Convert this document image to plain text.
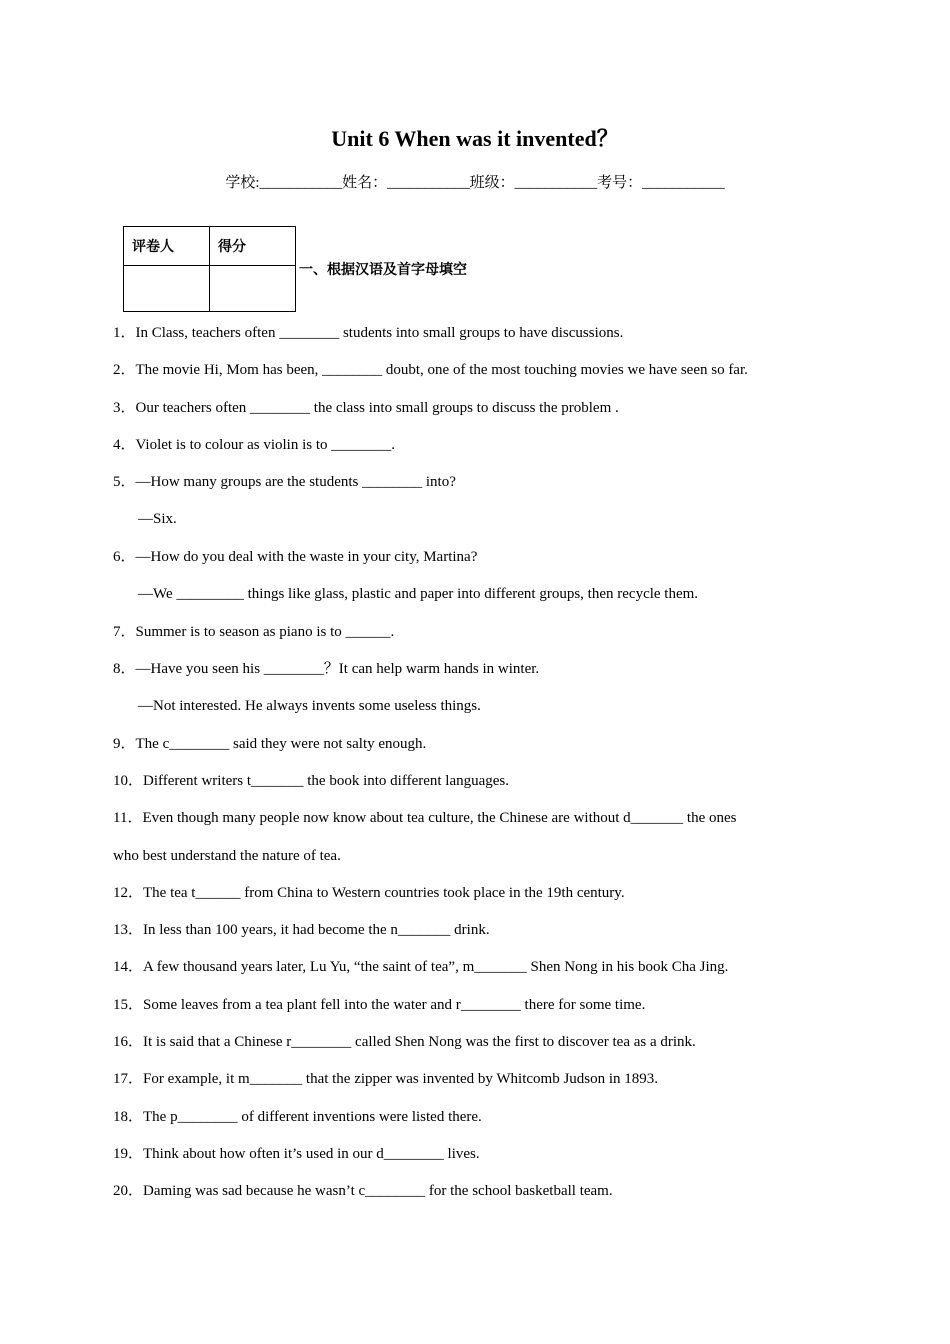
Unit 6 When was it invented？
学校:___________姓名：___________班级：___________考号：___________
评卷人	得分

一、根据汉语及首字母填空
1．In Class, teachers often ________ students into small groups to have discussions.
2．The movie Hi, Mom has been, ________ doubt, one of the most touching movies we have seen so far.
3．Our teachers often ________ the class into small groups to discuss the problem .
4．Violet is to colour as violin is to ________.
5．—How many groups are the students ________ into?
—Six.
6．—How do you deal with the waste in your city, Martina?
—We _________ things like glass, plastic and paper into different groups, then recycle them.
7．Summer is to season as piano is to ______.
8．—Have you seen his ________？It can help warm hands in winter.
—Not interested. He always invents some useless things.
9．The c________ said they were not salty enough.
10．Different writers t_______ the book into different languages.
11．Even though many people now know about tea culture, the Chinese are without d_______ the ones
who best understand the nature of tea.
12．The tea t______ from China to Western countries took place in the 19th century.
13．In less than 100 years, it had become the n_______ drink.
14．A few thousand years later, Lu Yu, “the saint of tea”, m_______ Shen Nong in his book Cha Jing.
15．Some leaves from a tea plant fell into the water and r________ there for some time.
16．It is said that a Chinese r________ called Shen Nong was the first to discover tea as a drink.
17．For example, it m_______ that the zipper was invented by Whitcomb Judson in 1893.
18．The p________ of different inventions were listed there.
19．Think about how often it’s used in our d________ lives.
20．Daming was sad because he wasn’t c________ for the school basketball team.
